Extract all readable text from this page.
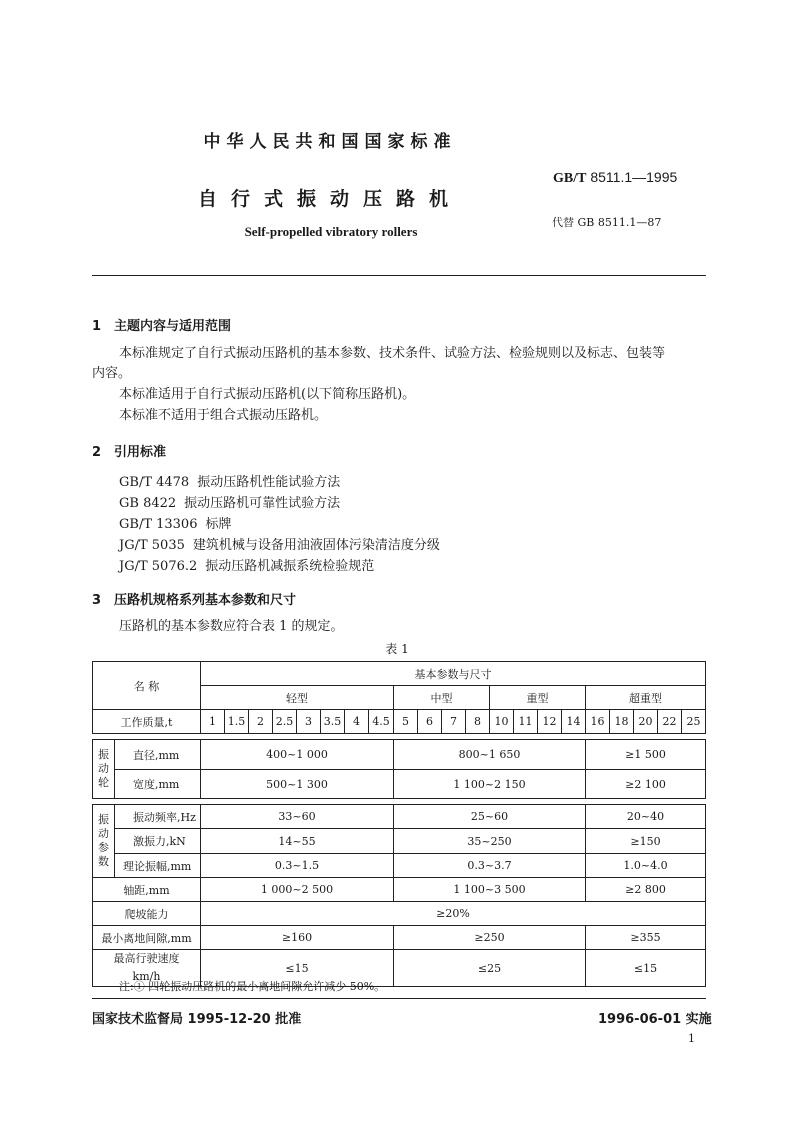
中华人民共和国国家标准
自行式振动压路机
Self-propelled vibratory rollers
GB/T 8511.1—1995
代替 GB 8511.1—87
1 主题内容与适用范围
本标准规定了自行式振动压路机的基本参数、技术条件、试验方法、检验规则以及标志、包装等
内容。
本标准适用于自行式振动压路机(以下简称压路机)。
本标准不适用于组合式振动压路机。
2 引用标准
GB/T 4478 振动压路机性能试验方法
GB 8422 振动压路机可靠性试验方法
GB/T 13306 标牌
JG/T 5035 建筑机械与设备用油液固体污染清洁度分级
JG/T 5076.2 振动压路机减振系统检验规范
3 压路机规格系列基本参数和尺寸
压路机的基本参数应符合表 1 的规定。
表 1
名 称		基本参数与尺寸																				
		轻型								中型				重型				超重型				
工作质量,t		1	1.5	2	2.5	3	3.5	4	4.5	5	6	7	8	10	11	12	14	16	18	20	22	25

振动轮	直径,mm	400~1 000								800~1 650								≥1 500				
	宽度,mm	500~1 300								1 100~2 150								≥2 100				

振动参数	振动频率,Hz	33~60								25~60								20~40				
	激振力,kN	14~55								35~250								≥150				
	理论振幅,mm	0.3~1.5								0.3~3.7								1.0~4.0				
轴距,mm		1 000~2 500								1 100~3 500								≥2 800				
爬坡能力		≥20%																				
最小离地间隙,mm		≥160								≥250								≥355				

最高行驶速度
km/h		≤15								≤25								≤15				
注:① 四轮振动压路机的最小离地间隙允许减少 50%。
国家技术监督局 1995-12-20 批准	1996-06-01 实施
1
